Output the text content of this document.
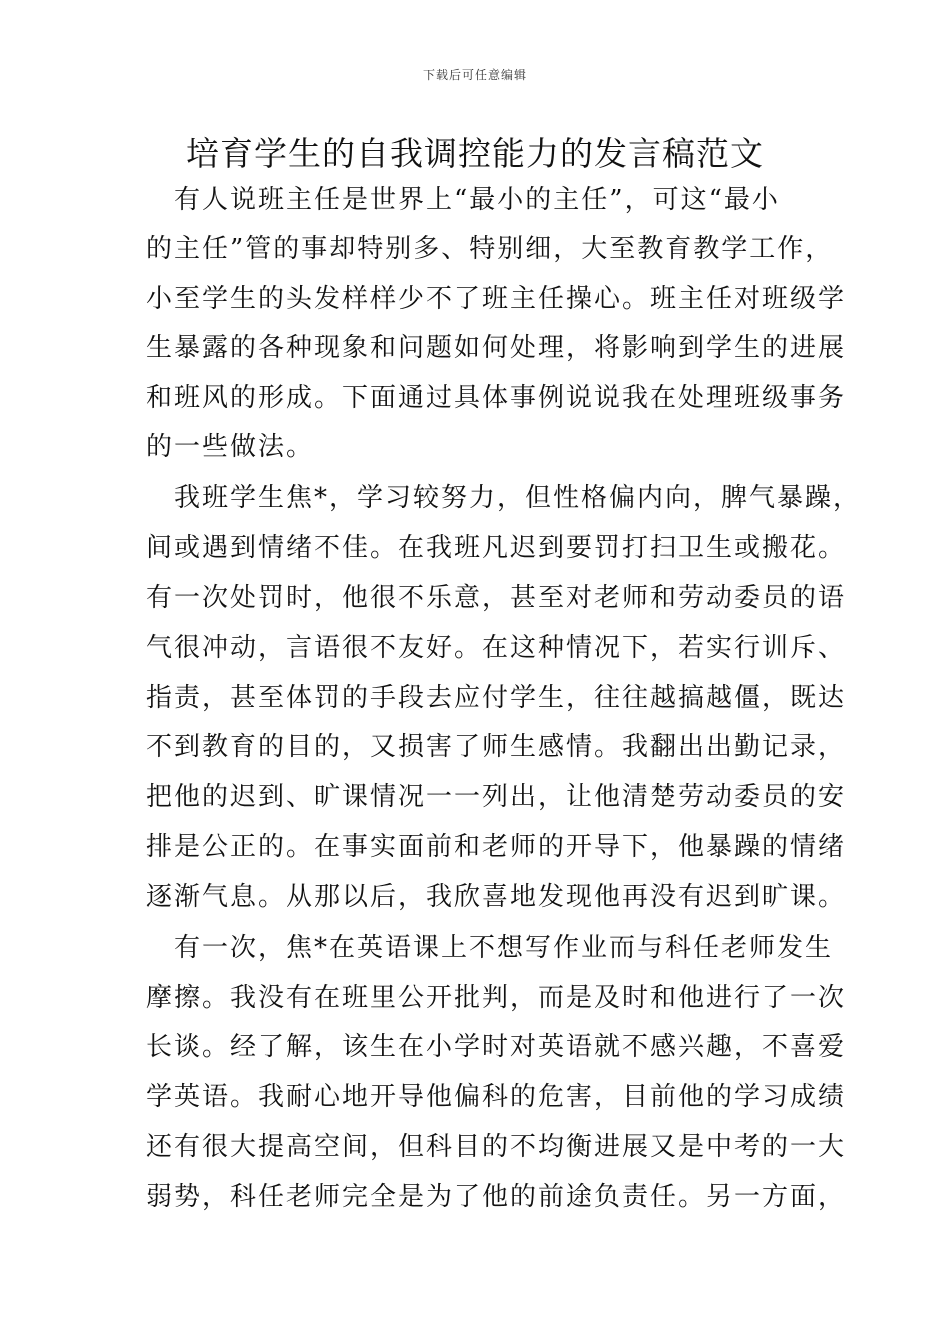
下载后可任意编辑
培育学生的自我调控能力的发言稿范文
　有人说班主任是世界上“最小的主任”，可这“最小
的主任”管的事却特别多、特别细，大至教育教学工作，
小至学生的头发样样少不了班主任操心。班主任对班级学
生暴露的各种现象和问题如何处理，将影响到学生的进展
和班风的形成。下面通过具体事例说说我在处理班级事务
的一些做法。
　我班学生焦*，学习较努力，但性格偏内向，脾气暴躁，
间或遇到情绪不佳。在我班凡迟到要罚打扫卫生或搬花。
有一次处罚时，他很不乐意，甚至对老师和劳动委员的语
气很冲动，言语很不友好。在这种情况下，若实行训斥、
指责，甚至体罚的手段去应付学生，往往越搞越僵，既达
不到教育的目的，又损害了师生感情。我翻出出勤记录，
把他的迟到、旷课情况一一列出，让他清楚劳动委员的安
排是公正的。在事实面前和老师的开导下，他暴躁的情绪
逐渐气息。从那以后，我欣喜地发现他再没有迟到旷课。
　有一次，焦*在英语课上不想写作业而与科任老师发生
摩擦。我没有在班里公开批判，而是及时和他进行了一次
长谈。经了解，该生在小学时对英语就不感兴趣，不喜爱
学英语。我耐心地开导他偏科的危害，目前他的学习成绩
还有很大提高空间，但科目的不均衡进展又是中考的一大
弱势，科任老师完全是为了他的前途负责任。另一方面，
